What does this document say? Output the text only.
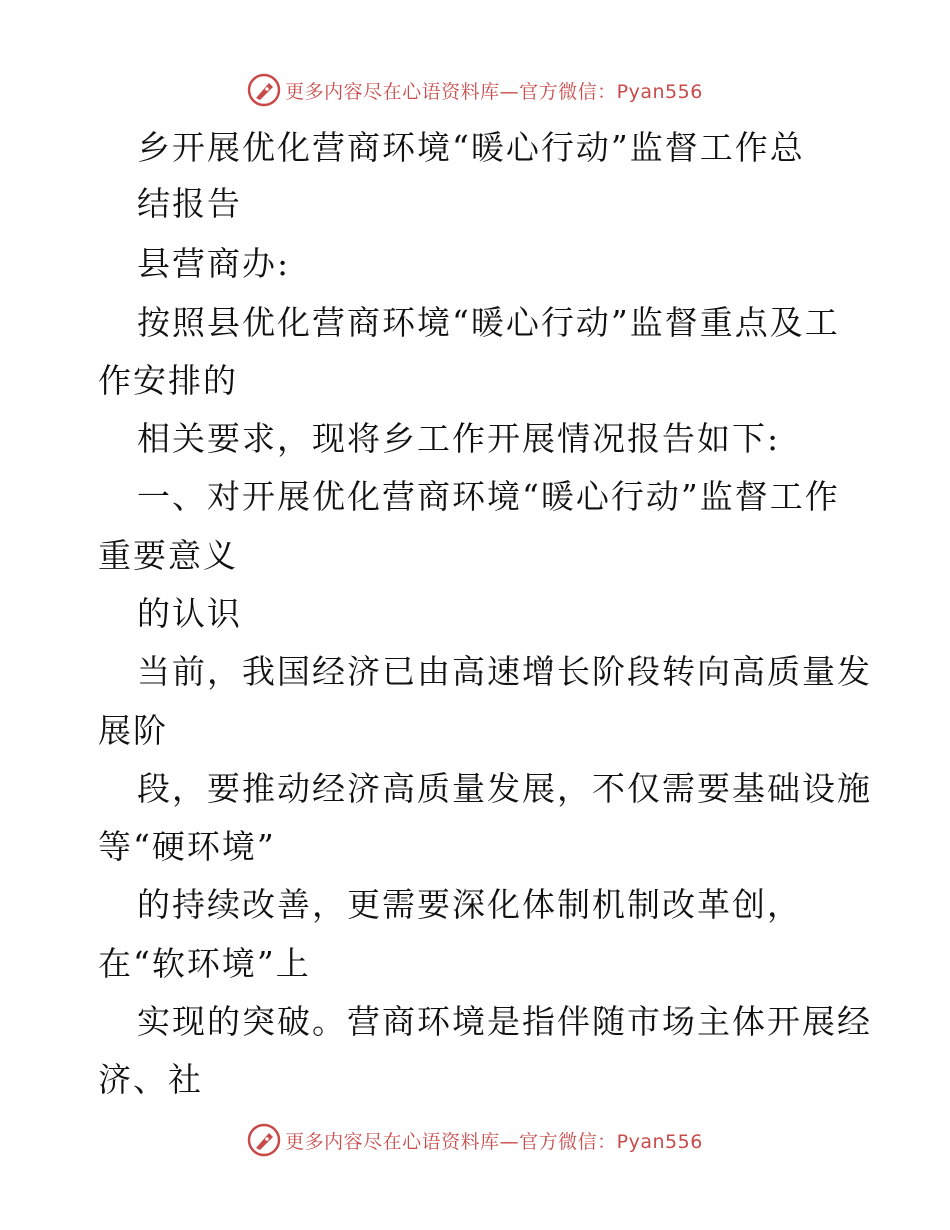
更多内容尽在心语资料库—官方微信：Pyan556
乡开展优化营商环境“暖心行动”监督工作总
结报告
县营商办:
按照县优化营商环境“暖心行动”监督重点及工
作安排的
相关要求，现将乡工作开展情况报告如下:
一、对开展优化营商环境“暖心行动”监督工作
重要意义
的认识
当前，我国经济已由高速增长阶段转向高质量发
展阶
段，要推动经济高质量发展，不仅需要基础设施
等“硬环境”
的持续改善，更需要深化体制机制改革创，
在“软环境”上
实现的突破。营商环境是指伴随市场主体开展经
济、社
更多内容尽在心语资料库—官方微信：Pyan556
